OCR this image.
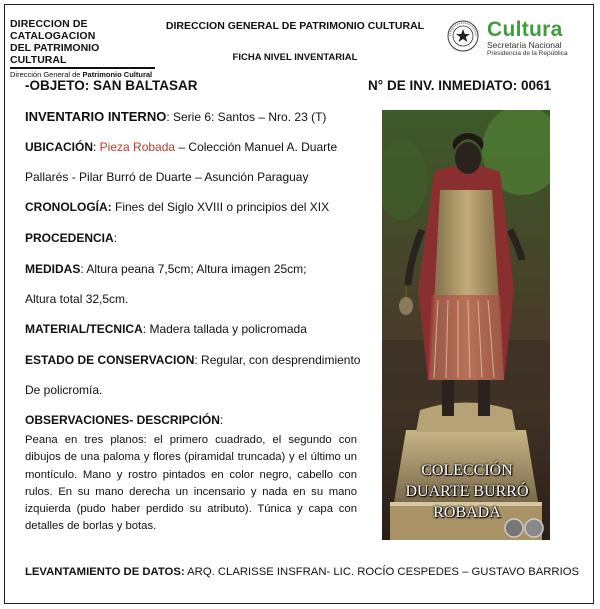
DIRECCION DE CATALOGACION
DEL PATRIMONIO CULTURAL
Dirección General de Patrimonio Cultural
DIRECCION GENERAL DE PATRIMONIO CULTURAL
FICHA NIVEL INVENTARIAL
Cultura
Secretaría Nacional
Presidencia de la República
-OBJETO: SAN BALTASAR	N° DE INV. INMEDIATO: 0061
INVENTARIO INTERNO: Serie 6: Santos – Nro. 23 (T)
UBICACIÓN: Pieza Robada – Colección Manuel A. Duarte
Pallarés - Pilar Burró de Duarte – Asunción Paraguay
CRONOLOGÍA: Fines del Siglo XVIII o principios del XIX
PROCEDENCIA:
MEDIDAS: Altura peana 7,5cm; Altura imagen 25cm;
Altura total 32,5cm.
MATERIAL/TECNICA: Madera tallada y policromada
ESTADO DE CONSERVACION: Regular, con desprendimiento
De policromía.
OBSERVACIONES- DESCRIPCIÓN:
Peana en tres planos: el primero cuadrado, el segundo con dibujos de una paloma y flores (piramidal truncada) y el último un montículo. Mano y rostro pintados en color negro, cabello con rulos. En su mano derecha un incensario y nada en su mano izquierda (pudo haber perdido su atributo). Túnica y capa con detalles de borlas y botas.
COLECCIÓN
DUARTE BURRÓ
ROBADA
LEVANTAMIENTO DE DATOS: ARQ. CLARISSE INSFRAN- LIC. ROCÍO CESPEDES – GUSTAVO BARRIOS
